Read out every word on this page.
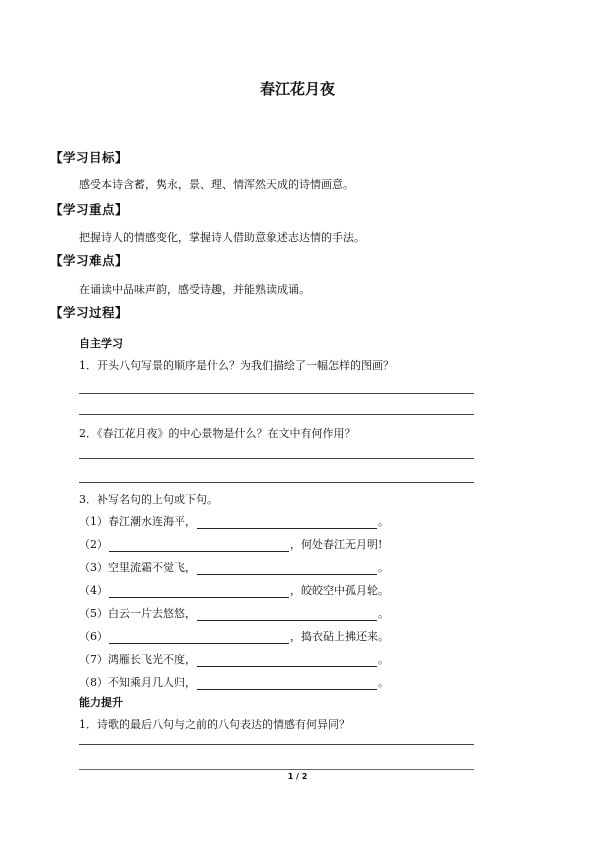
春江花月夜
【学习目标】
感受本诗含蓄，隽永，景、理、情浑然天成的诗情画意。
【学习重点】
把握诗人的情感变化，掌握诗人借助意象述志达情的手法。
【学习难点】
在诵读中品味声韵，感受诗趣，并能熟读成诵。
【学习过程】
自主学习
1．开头八句写景的顺序是什么？为我们描绘了一幅怎样的图画？
2．《春江花月夜》的中心景物是什么？在文中有何作用？
3．补写名句的上句或下句。
（1） 春江潮水连海平，	。
（2）	，何处春江无月明!
（3） 空里流霜不觉飞，	。
（4）	，皎皎空中孤月轮。
（5） 白云一片去悠悠，	。
（6）	，捣衣砧上拂还来。
（7） 鸿雁长飞光不度，	。
（8） 不知乘月几人归，	。
能力提升
1．诗歌的最后八句与之前的八句表达的情感有何异同？
1 / 2
